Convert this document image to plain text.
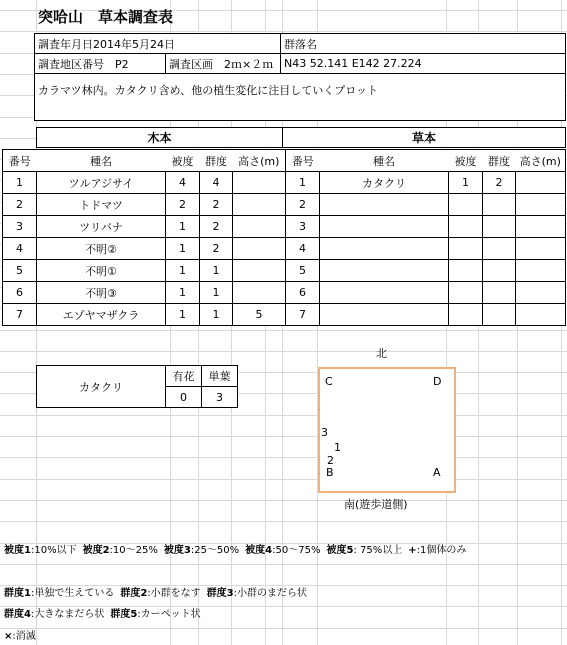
突哈山　草本調査表
調査年月日2014年5月24日		群落名
調査地区番号　P2	調査区画　2ｍ×２ｍ	N43 52.141 E142 27.224
カラマツ林内。カタクリ含め、他の植生変化に注目していくプロット		
木本	草本
番号	種名	被度	群度	高さ(m)	番号	種名	被度	群度	高さ(m)
1	ツルアジサイ	4	4		1	カタクリ	1	2	
2	トドマツ	2	2		2				
3	ツリバナ	1	2		3				
4	不明②	1	2		4				
5	不明①	1	1		5				
6	不明③	1	1		6				
7	エゾヤマザクラ	1	1	5	7				
カタクリ	有花	単葉
	0	3
北
C	D
3
1
2
B	A
南(遊歩道側)
被度1:10%以下 被度2:10～25% 被度3:25～50% 被度4:50～75% 被度5: 75%以上 +:1個体のみ
群度1:単独で生えている 群度2:小群をなす 群度3:小群のまだら状
群度4:大きなまだら状 群度5:カーペット状
×:消滅
